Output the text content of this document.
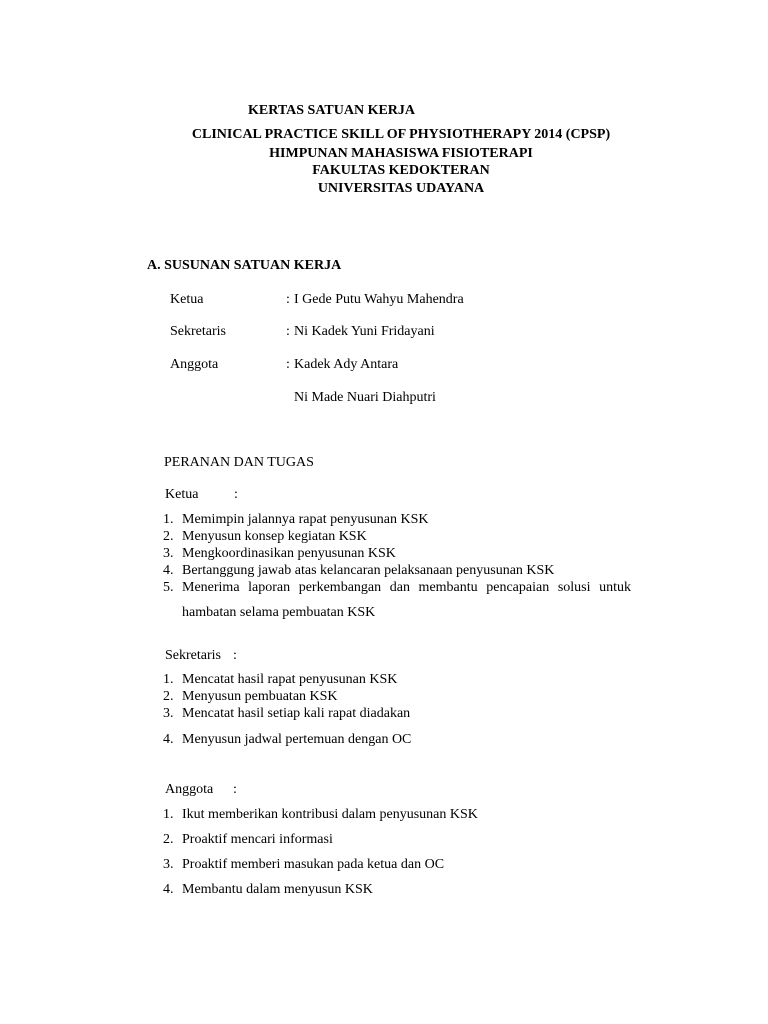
KERTAS SATUAN KERJA
CLINICAL PRACTICE SKILL OF PHYSIOTHERAPY 2014 (CPSP)
HIMPUNAN MAHASISWA FISIOTERAPI
FAKULTAS KEDOKTERAN
UNIVERSITAS UDAYANA
A. SUSUNAN SATUAN KERJA
Ketua	: I Gede Putu Wahyu Mahendra
Sekretaris	: Ni Kadek Yuni Fridayani
Anggota	: Kadek Ady Antara
Ni Made Nuari Diahputri
PERANAN DAN TUGAS
Ketua	:
1. Memimpin jalannya rapat penyusunan KSK
2. Menyusun konsep kegiatan KSK
3. Mengkoordinasikan penyusunan KSK
4. Bertanggung jawab atas kelancaran pelaksanaan penyusunan KSK
5. Menerima laporan perkembangan dan membantu pencapaian solusi untuk
hambatan selama pembuatan KSK
Sekretaris :
1. Mencatat hasil rapat penyusunan KSK
2. Menyusun pembuatan KSK
3. Mencatat hasil setiap kali rapat diadakan
4. Menyusun jadwal pertemuan dengan OC
Anggota :
1. Ikut memberikan kontribusi dalam penyusunan KSK
2. Proaktif mencari informasi
3. Proaktif memberi masukan pada ketua dan OC
4. Membantu dalam menyusun KSK
